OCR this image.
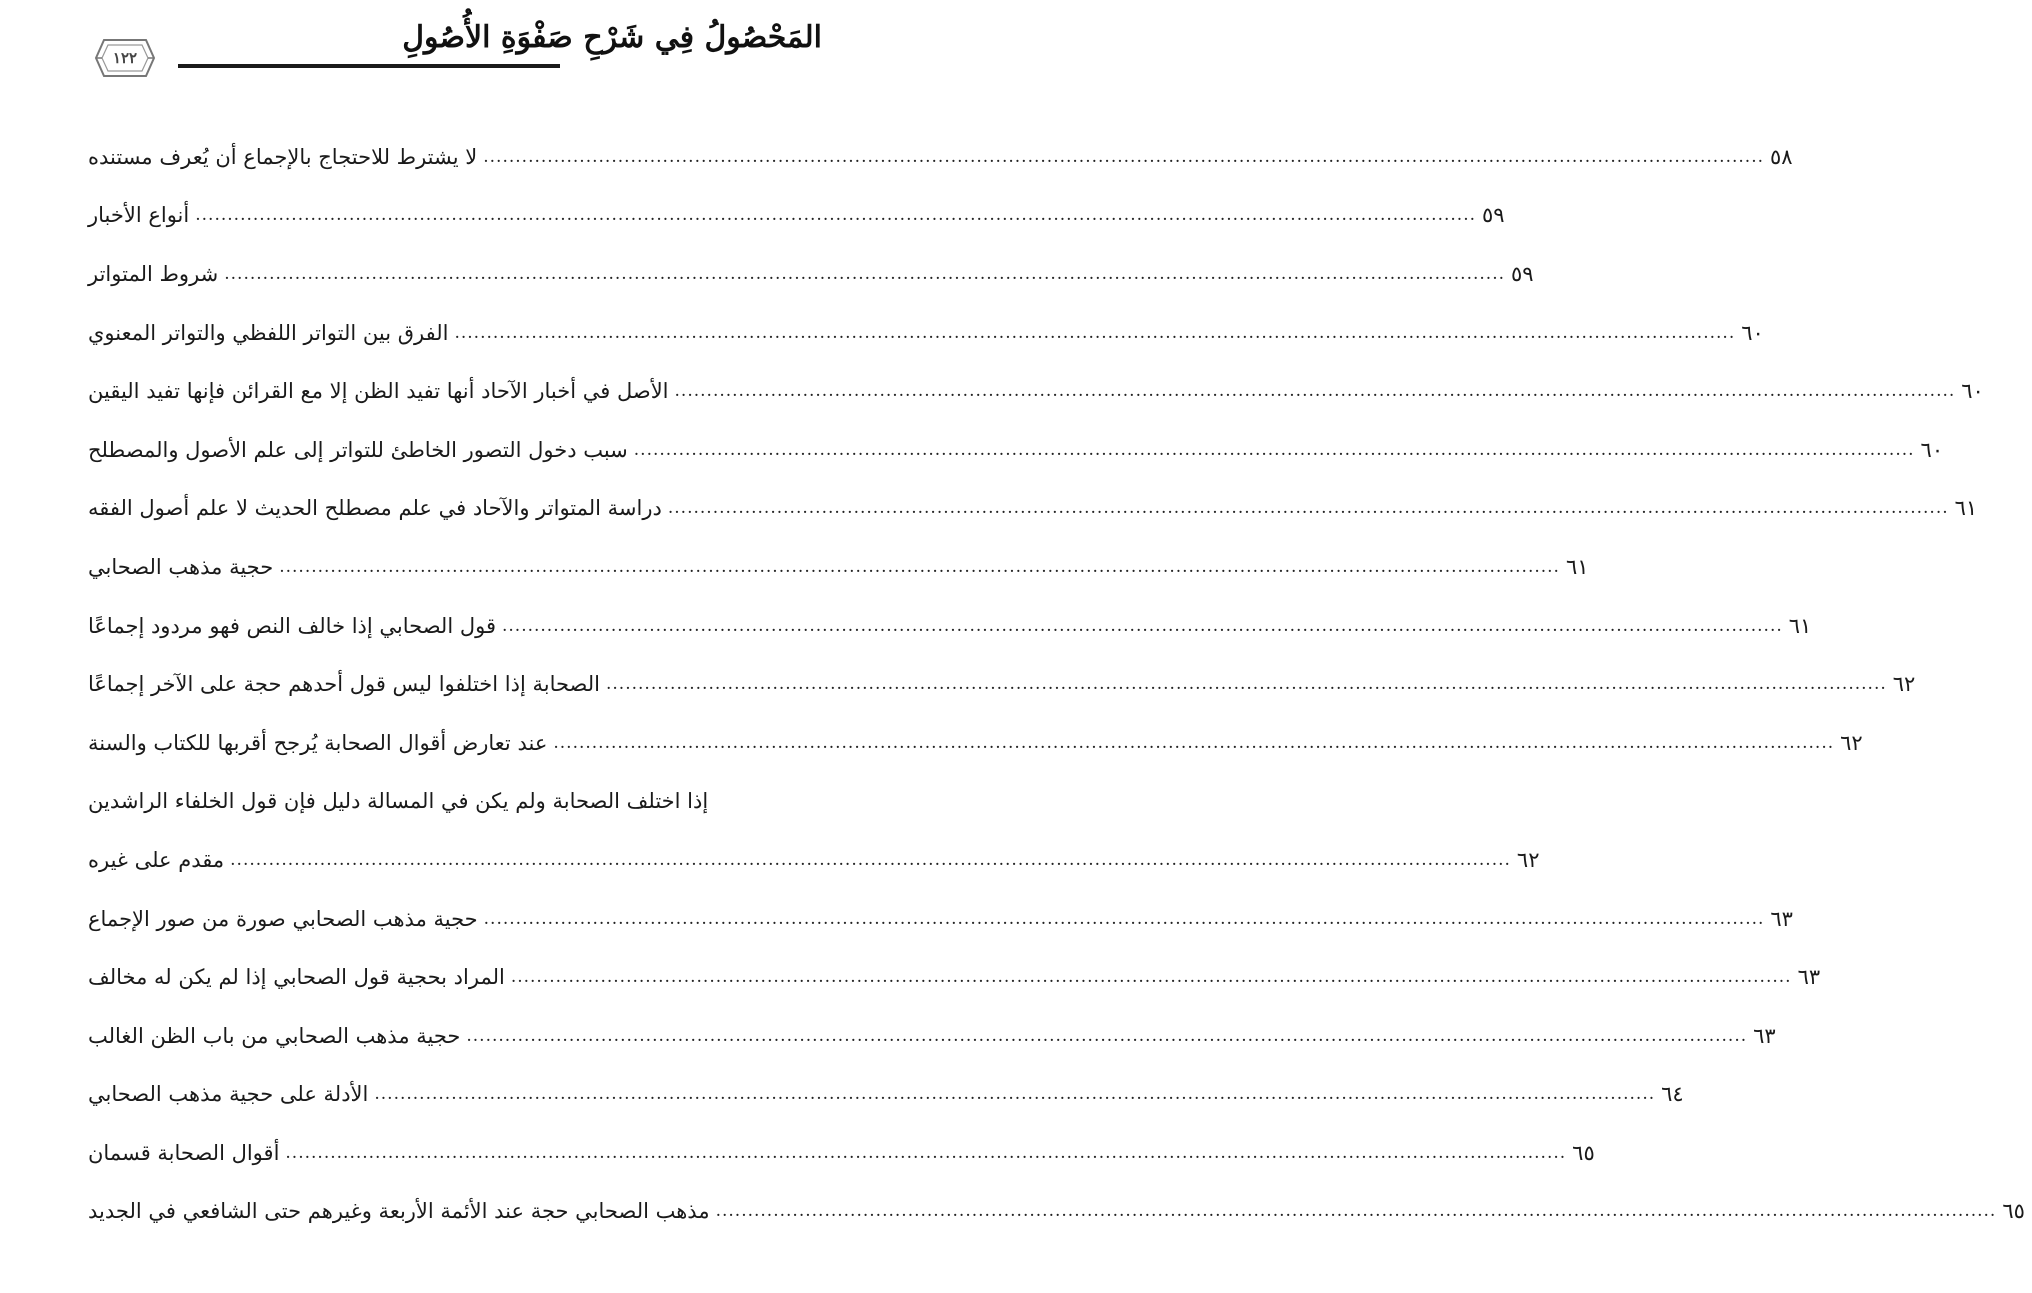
١٢٢
المَحْصُولُ فِي شَرْحِ صَفْوَةِ الأُصُولِ
لا يشترط للاحتجاج بالإجماع أن يُعرف مستنده ........................................................................................................................................................................................................ ٥٨
أنواع الأخبار ........................................................................................................................................................................................................ ٥٩
شروط المتواتر ........................................................................................................................................................................................................ ٥٩
الفرق بين التواتر اللفظي والتواتر المعنوي ........................................................................................................................................................................................................ ٦٠
الأصل في أخبار الآحاد أنها تفيد الظن إلا مع القرائن فإنها تفيد اليقين ........................................................................................................................................................................................................ ٦٠
سبب دخول التصور الخاطئ للتواتر إلى علم الأصول والمصطلح ........................................................................................................................................................................................................ ٦٠
دراسة المتواتر والآحاد في علم مصطلح الحديث لا علم أصول الفقه ........................................................................................................................................................................................................ ٦١
حجية مذهب الصحابي ........................................................................................................................................................................................................ ٦١
قول الصحابي إذا خالف النص فهو مردود إجماعًا ........................................................................................................................................................................................................ ٦١
الصحابة إذا اختلفوا ليس قول أحدهم حجة على الآخر إجماعًا ........................................................................................................................................................................................................ ٦٢
عند تعارض أقوال الصحابة يُرجح أقربها للكتاب والسنة ........................................................................................................................................................................................................ ٦٢
إذا اختلف الصحابة ولم يكن في المسالة دليل فإن قول الخلفاء الراشدين
مقدم على غيره ........................................................................................................................................................................................................ ٦٢
حجية مذهب الصحابي صورة من صور الإجماع ........................................................................................................................................................................................................ ٦٣
المراد بحجية قول الصحابي إذا لم يكن له مخالف ........................................................................................................................................................................................................ ٦٣
حجية مذهب الصحابي من باب الظن الغالب ........................................................................................................................................................................................................ ٦٣
الأدلة على حجية مذهب الصحابي ........................................................................................................................................................................................................ ٦٤
أقوال الصحابة قسمان ........................................................................................................................................................................................................ ٦٥
مذهب الصحابي حجة عند الأئمة الأربعة وغيرهم حتى الشافعي في الجديد ........................................................................................................................................................................................................ ٦٥
